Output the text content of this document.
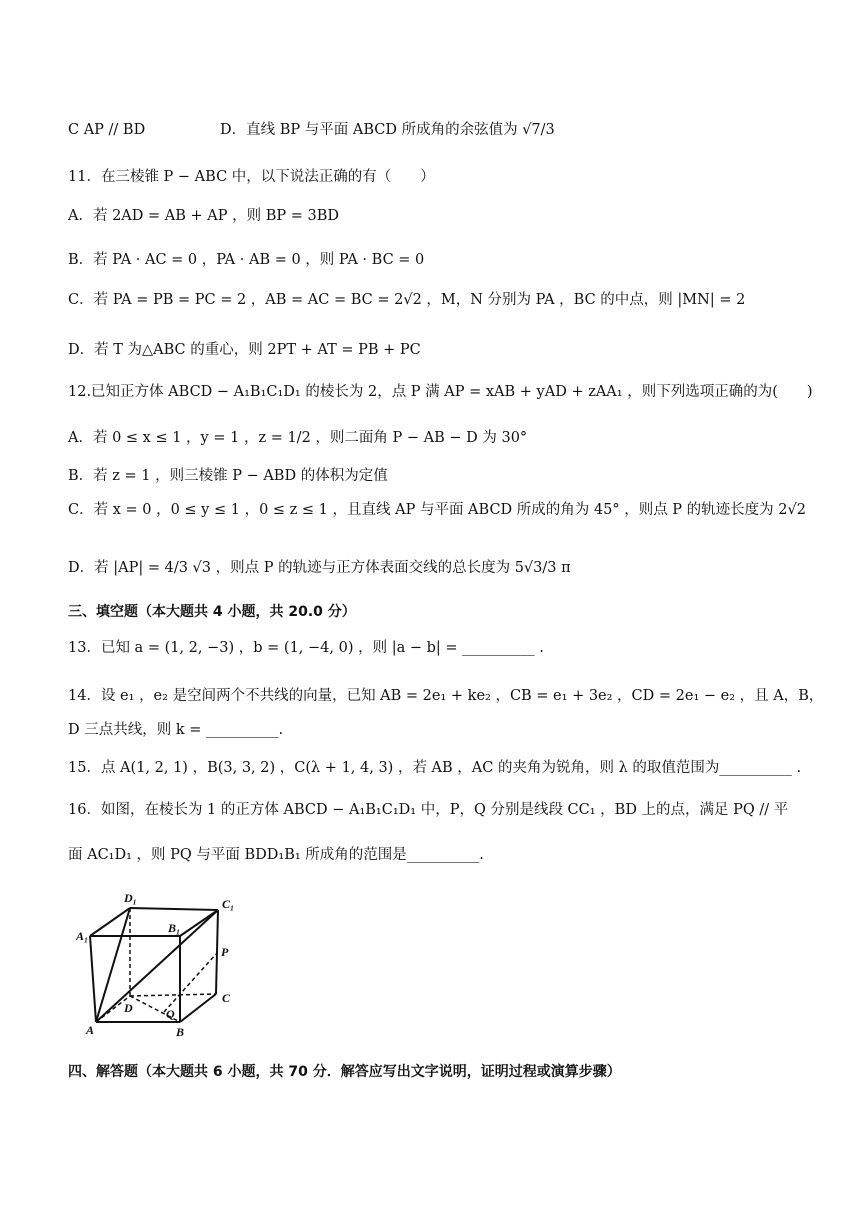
C AP // BD	D．直线 BP 与平面 ABCD 所成角的余弦值为 √7/3
11．在三棱锥 P − ABC 中，以下说法正确的有（　　）
A．若 2AD = AB + AP ，则 BP = 3BD
B．若 PA · AC = 0 ，PA · AB = 0 ，则 PA · BC = 0
C．若 PA = PB = PC = 2 ，AB = AC = BC = 2√2 ，M，N 分别为 PA ，BC 的中点，则 |MN| = 2
D．若 T 为△ABC 的重心，则 2PT + AT = PB + PC
12.已知正方体 ABCD − A₁B₁C₁D₁ 的棱长为 2，点 P 满 AP = xAB + yAD + zAA₁ ，则下列选项正确的为(　　)
A．若 0 ≤ x ≤ 1 ，y = 1 ，z = 1/2 ，则二面角 P − AB − D 为 30°
B．若 z = 1 ，则三棱锥 P − ABD 的体积为定值
C．若 x = 0 ，0 ≤ y ≤ 1 ，0 ≤ z ≤ 1 ，且直线 AP 与平面 ABCD 所成的角为 45° ，则点 P 的轨迹长度为 2√2
D．若 |AP| = 4/3 √3 ，则点 P 的轨迹与正方体表面交线的总长度为 5√3/3 π
三、填空题（本大题共 4 小题，共 20.0 分）
13．已知 a = (1, 2, −3) ，b = (1, −4, 0) ，则 |a − b| = __________ .
14．设 e₁ ，e₂ 是空间两个不共线的向量，已知 AB = 2e₁ + ke₂ ，CB = e₁ + 3e₂ ，CD = 2e₁ − e₂ ，且 A，B，
D 三点共线，则 k = __________.
15．点 A(1, 2, 1) ，B(3, 3, 2) ，C(λ + 1, 4, 3) ，若 AB ，AC 的夹角为锐角，则 λ 的取值范围为__________ .
16．如图，在棱长为 1 的正方体 ABCD − A₁B₁C₁D₁ 中，P，Q 分别是线段 CC₁ ，BD 上的点，满足 PQ // 平
面 AC₁D₁ ，则 PQ 与平面 BDD₁B₁ 所成角的范围是__________.
四、解答题（本大题共 6 小题，共 70 分．解答应写出文字说明，证明过程或演算步骤）
D₁	C₁
A₁
B₁
P
C
D	Q
A	B
